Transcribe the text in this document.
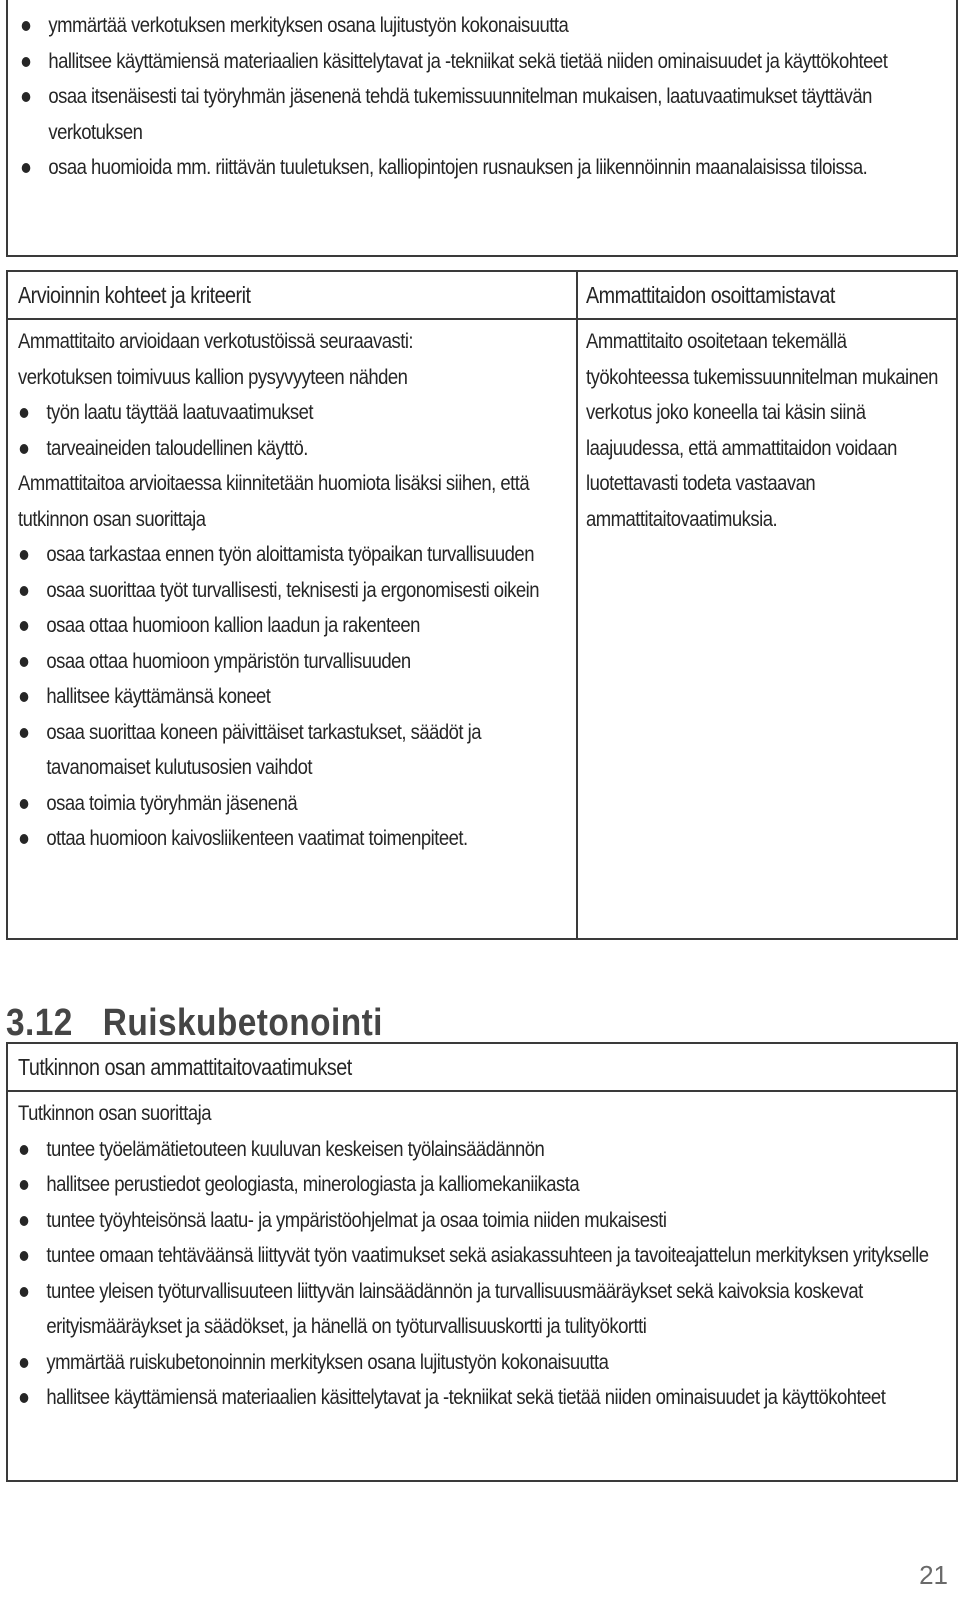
ymmärtää verkotuksen merkityksen osana lujitustyön kokonaisuutta
hallitsee käyttämiensä materiaalien käsittelytavat ja -tekniikat sekä tietää niiden ominaisuudet ja käyttökohteet
osaa itsenäisesti tai työryhmän jäsenenä tehdä tukemissuunnitelman mukaisen, laatuvaatimukset täyttävän verkotuksen
osaa huomioida mm. riittävän tuuletuksen, kalliopintojen rusnauksen ja liikennöinnin maanalaisissa tiloissa.

Arvioinnin kohteet ja kriteerit	Ammattitaidon osoittamistavat

Ammattitaito arvioidaan verkotustöissä seuraavasti:

verkotuksen toimivuus kallion pysyvyyteen nähden

työn laatu täyttää laatuvaatimukset
tarveaineiden taloudellinen käyttö.

Ammattitaitoa arvioitaessa kiinnitetään huomiota lisäksi siihen, että tutkinnon osan suorittaja

osaa tarkastaa ennen työn aloittamista työpaikan turvallisuuden
osaa suorittaa työt turvallisesti, teknisesti ja ergonomisesti oikein
osaa ottaa huomioon kallion laadun ja rakenteen
osaa ottaa huomioon ympäristön turvallisuuden
hallitsee käyttämänsä koneet
osaa suorittaa koneen päivittäiset tarkastukset, säädöt ja tavanomaiset kulutusosien vaihdot
osaa toimia työryhmän jäsenenä
ottaa huomioon kaivosliikenteen vaatimat toimenpiteet.

Ammattitaito osoitetaan tekemällä työkohteessa tukemissuunnitelman mukainen verkotus joko koneella tai käsin siinä laajuudessa, että ammattitaidon voidaan luotettavasti todeta vastaavan ammattitaitovaatimuksia.

3.12 Ruiskubetonointi

Tutkinnon osan ammattitaitovaatimukset

Tutkinnon osan suorittaja

tuntee työelämätietouteen kuuluvan keskeisen työlainsäädännön
hallitsee perustiedot geologiasta, minerologiasta ja kalliomekaniikasta
tuntee työyhteisönsä laatu- ja ympäristöohjelmat ja osaa toimia niiden mukaisesti
tuntee omaan tehtäväänsä liittyvät työn vaatimukset sekä asiakassuhteen ja tavoiteajattelun merkityksen yritykselle
tuntee yleisen työturvallisuuteen liittyvän lainsäädännön ja turvallisuusmääräykset sekä kaivoksia koskevat erityismääräykset ja säädökset, ja hänellä on työturvallisuuskortti ja tulityökortti
ymmärtää ruiskubetonoinnin merkityksen osana lujitustyön kokonaisuutta
hallitsee käyttämiensä materiaalien käsittelytavat ja -tekniikat sekä tietää niiden ominaisuudet ja käyttökohteet
21
